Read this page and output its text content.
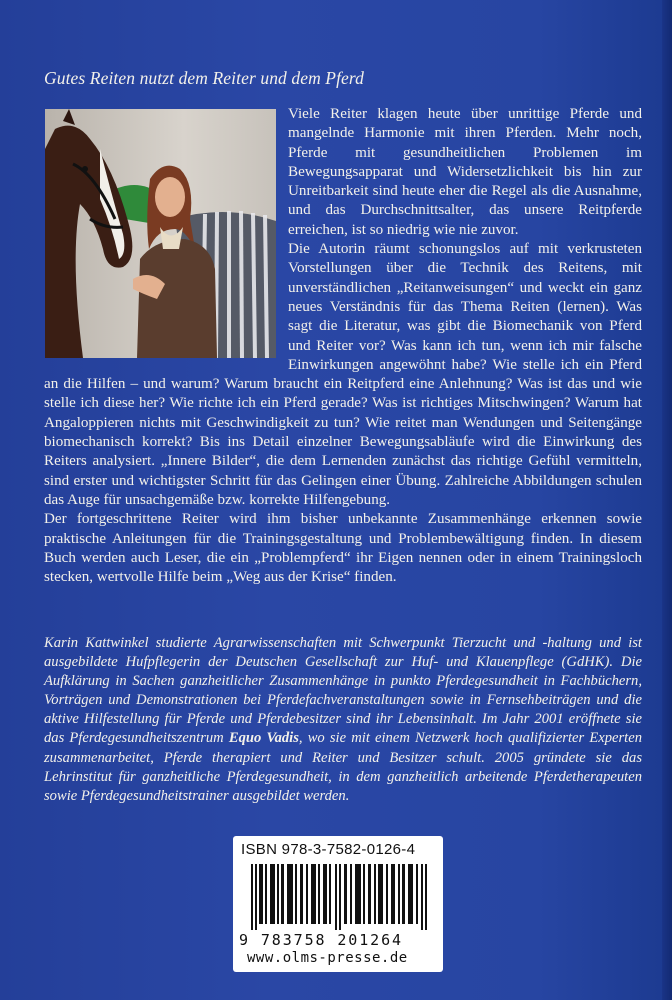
Gutes Reiten nutzt dem Reiter und dem Pferd

Viele Reiter klagen heute über unrittige Pferde und mangelnde Harmonie mit ihren Pferden. Mehr noch, Pferde mit gesundheitlichen Problemen im Bewegungsapparat und Widersetzlichkeit bis hin zur Unreitbarkeit sind heute eher die Regel als die Ausnahme, und das Durchschnittsalter, das unsere Reitpferde erreichen, ist so niedrig wie nie zuvor.

Die Autorin räumt schonungslos auf mit verkrusteten Vorstellungen über die Technik des Reitens, mit unverständlichen „Reitanweisungen“ und weckt ein ganz neues Verständnis für das Thema Reiten (lernen). Was sagt die Literatur, was gibt die Biomechanik von Pferd und Reiter vor? Was kann ich tun, wenn ich mir falsche Einwirkungen angewöhnt habe? Wie stelle ich ein Pferd an die Hilfen – und warum? Warum braucht ein Reitpferd eine Anlehnung? Was ist das und wie stelle ich diese her? Wie richte ich ein Pferd gerade? Was ist richtiges Mitschwingen? Warum hat Angaloppieren nichts mit Geschwindigkeit zu tun? Wie reitet man Wendungen und Seitengänge biomechanisch korrekt? Bis ins Detail einzelner Bewegungsabläufe wird die Einwirkung des Reiters analysiert. „Innere Bilder“, die dem Lernenden zunächst das richtige Gefühl vermitteln, sind erster und wichtigster Schritt für das Gelingen einer Übung. Zahlreiche Abbildungen schulen das Auge für unsachgemäße bzw. korrekte Hilfengebung.

Der fortgeschrittene Reiter wird ihm bisher unbekannte Zusammenhänge erkennen sowie praktische Anleitungen für die Trainingsgestaltung und Problembewältigung finden. In diesem Buch werden auch Leser, die ein „Problempferd“ ihr Eigen nennen oder in einem Trainingsloch stecken, wertvolle Hilfe beim „Weg aus der Krise“ finden.

Karin Kattwinkel studierte Agrarwissenschaften mit Schwerpunkt Tierzucht und -haltung und ist ausgebildete Hufpflegerin der Deutschen Gesellschaft zur Huf- und Klauenpflege (GdHK). Die Aufklärung in Sachen ganzheitlicher Zusammenhänge in punkto Pferdegesundheit in Fachbüchern, Vorträgen und Demonstrationen bei Pferdefachveranstaltungen sowie in Fernsehbeiträgen und die aktive Hilfestellung für Pferde und Pferdebesitzer sind ihr Lebensinhalt. Im Jahr 2001 eröffnete sie das Pferdegesundheitszentrum Equo Vadis, wo sie mit einem Netzwerk hoch qualifizierter Experten zusammenarbeitet, Pferde therapiert und Reiter und Besitzer schult. 2005 gründete sie das Lehrinstitut für ganzheitliche Pferdegesundheit, in dem ganzheitlich arbeitende Pferdetherapeuten sowie Pferdegesundheitstrainer ausgebildet werden.
ISBN 978-3-7582-0126-4
9 783758 201264
www.olms-presse.de
